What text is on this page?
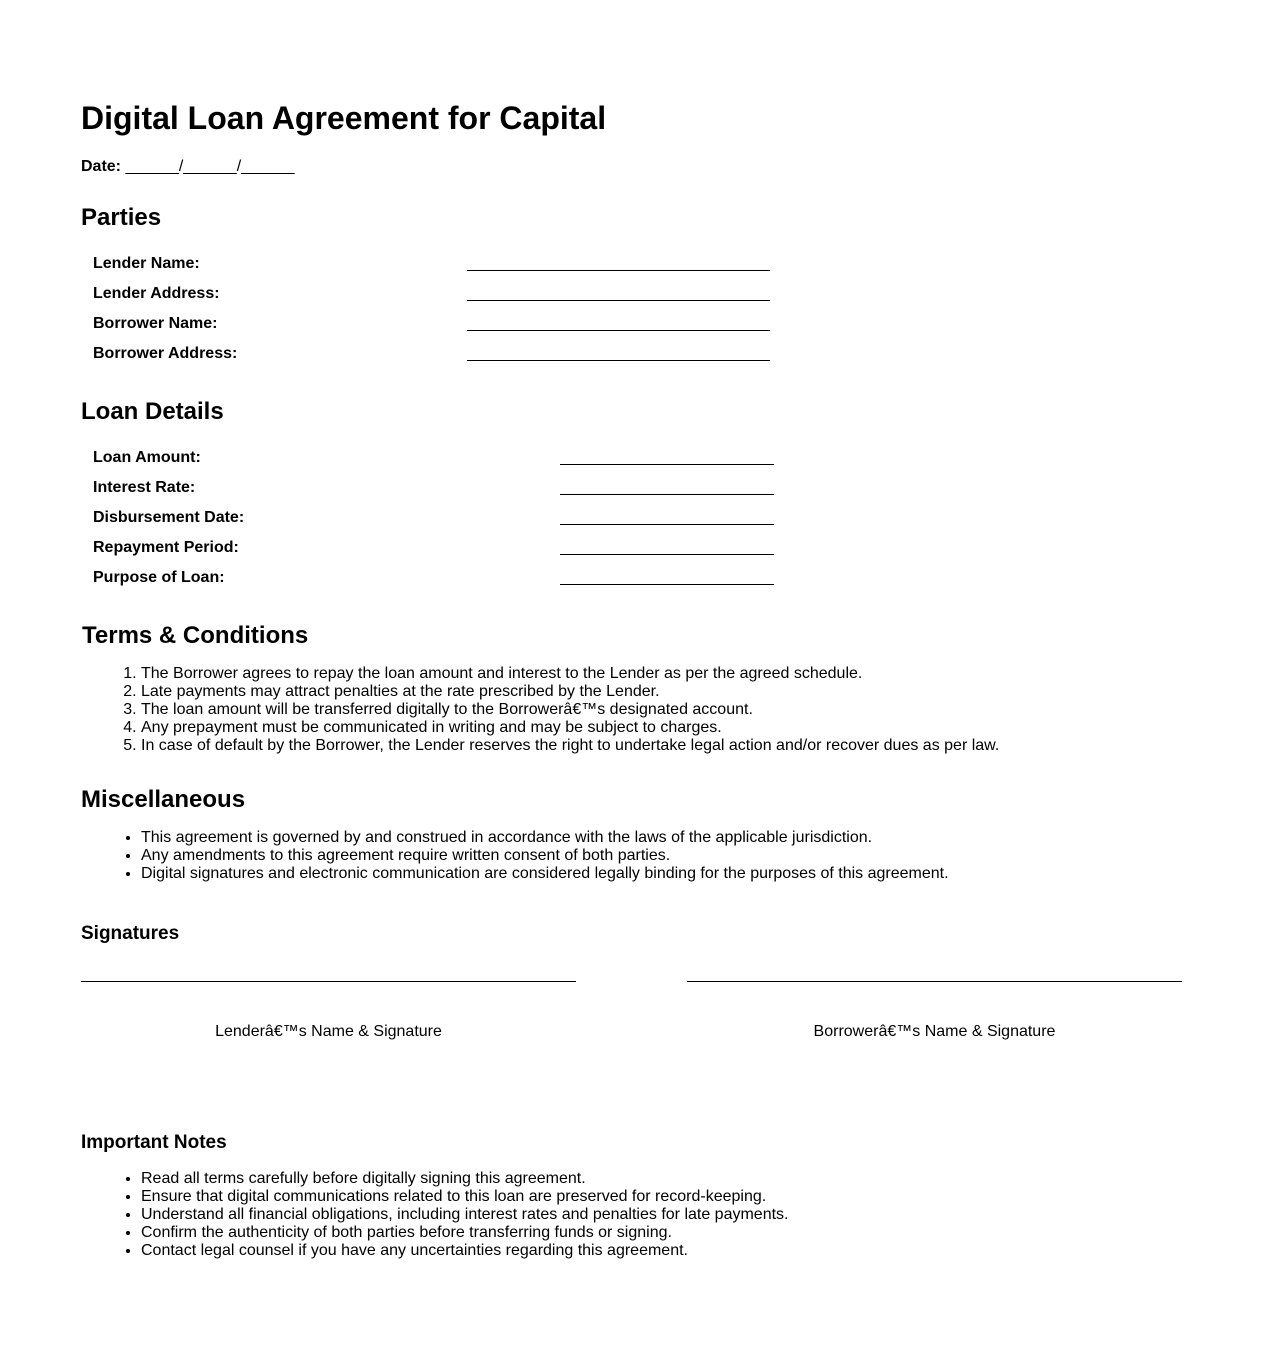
Digital Loan Agreement for Capital
Date: ______/______/______
Parties
Lender Name:
Lender Address:
Borrower Name:
Borrower Address:
Loan Details
Loan Amount:
Interest Rate:
Disbursement Date:
Repayment Period:
Purpose of Loan:
Terms & Conditions
1. The Borrower agrees to repay the loan amount and interest to the Lender as per the agreed schedule.
2. Late payments may attract penalties at the rate prescribed by the Lender.
3. The loan amount will be transferred digitally to the Borrowerâ€™s designated account.
4. Any prepayment must be communicated in writing and may be subject to charges.
5. In case of default by the Borrower, the Lender reserves the right to undertake legal action and/or recover dues as per law.
Miscellaneous
• This agreement is governed by and construed in accordance with the laws of the applicable jurisdiction.
• Any amendments to this agreement require written consent of both parties.
• Digital signatures and electronic communication are considered legally binding for the purposes of this agreement.
Signatures
Lenderâ€™s Name & Signature	Borrowerâ€™s Name & Signature
Important Notes
• Read all terms carefully before digitally signing this agreement.
• Ensure that digital communications related to this loan are preserved for record-keeping.
• Understand all financial obligations, including interest rates and penalties for late payments.
• Confirm the authenticity of both parties before transferring funds or signing.
• Contact legal counsel if you have any uncertainties regarding this agreement.
